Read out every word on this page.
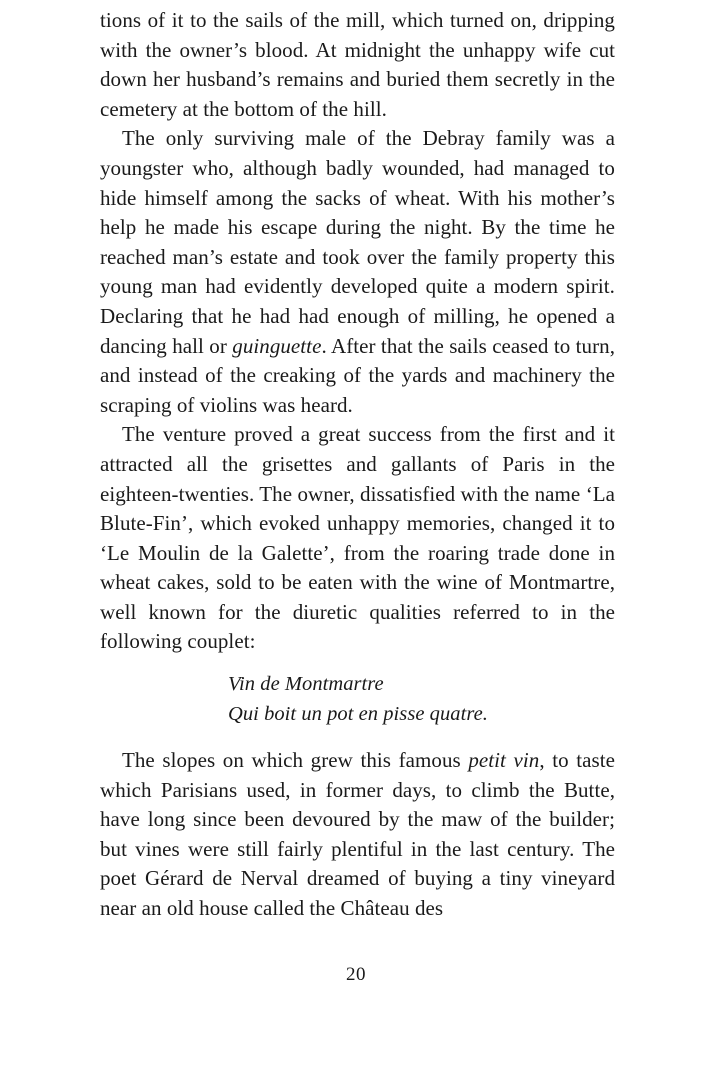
tions of it to the sails of the mill, which turned on, dripping with the owner’s blood. At midnight the unhappy wife cut down her husband’s remains and buried them secretly in the cemetery at the bottom of the hill.

The only surviving male of the Debray family was a youngster who, although badly wounded, had managed to hide himself among the sacks of wheat. With his mother’s help he made his escape during the night. By the time he reached man’s estate and took over the family property this young man had evidently developed quite a modern spirit. Declaring that he had had enough of milling, he opened a dancing hall or guinguette. After that the sails ceased to turn, and instead of the creaking of the yards and machinery the scraping of violins was heard.

The venture proved a great success from the first and it attracted all the grisettes and gallants of Paris in the eighteen-twenties. The owner, dissatisfied with the name ‘La Blute-Fin’, which evoked unhappy memories, changed it to ‘Le Moulin de la Galette’, from the roaring trade done in wheat cakes, sold to be eaten with the wine of Montmartre, well known for the diuretic qualities referred to in the following couplet:

Vin de Montmartre
Qui boit un pot en pisse quatre.

The slopes on which grew this famous petit vin, to taste which Parisians used, in former days, to climb the Butte, have long since been devoured by the maw of the builder; but vines were still fairly plentiful in the last century. The poet Gérard de Nerval dreamed of buying a tiny vineyard near an old house called the Château des

20
